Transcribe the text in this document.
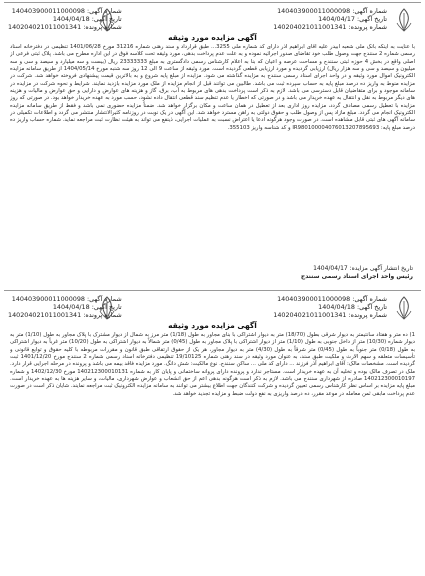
شماره آگهی: 140403900011000098
تاریخ آگهی: 1404/04/17
شماره پرونده: 140204021011001341
شماره آگهی: 140403900011000098
تاریخ آگهی: 1404/04/18
شماره پرونده: 140204021011001341
آگهی مزایده مورد وثیقه

با عنایت به اینکه بانک ملی شعبه آبیدر علیه آقای ابراهیم آذر دارای کد شماره ملی 3255... طبق قرارداد و سند رهنی شماره 31216 مورخ 1401/06/28 تنظیمی در دفترخانه اسناد رسمی شماره 2 سنندج جهت وصول طلب خود تقاضای صدور اجرائیه نموده و به علت عدم پرداخت بدهی، مورد وثیقه تحت کلاسه فوق در این اداره مطرح می باشد. پلاک ثبتی فرعی از اصلی واقع در بخش 4 حوزه ثبتی سنندج و مساحت عرصه و اعیان که بنا به اعلام کارشناس رسمی دادگستری به مبلغ 23333333 ریال (بیست و سه میلیارد و سیصد و سی و سه میلیون و سیصد و سی و سه هزار ریال) ارزیابی گردیده و مورد ارزیابی قطعی گردیده است. مورد وثیقه از ساعت 9 الی 12 روز سه شنبه مورخ 1404/05/14 از طریق سامانه مزایده الکترونیک اموال مورد وثیقه و در واحد اجرای اسناد رسمی سنندج به مزایده گذاشته می شود. مزایده از مبلغ پایه شروع و به بالاترین قیمت پیشنهادی فروخته خواهد شد. شرکت در مزایده منوط به واریز ده درصد مبلغ پایه به حساب سپرده ثبت می باشد. طالبین می توانند قبل از انجام مزایده از ملک مورد مزایده بازدید نمایند. شرایط و نحوه شرکت در مزایده در سامانه موجود و برای متقاضیان قابل دسترسی می باشد. لازم به ذکر است پرداخت بدهی های مربوط به آب، برق، گاز و هزینه های عوارض و دارایی و حق عوارض و مالیات و هزینه های دیگر مربوط به نقل و انتقال به عهده خریدار می باشد و در صورتی که اخطار یا عدم تنظیم سند قطعی انتقال داده نشود، حسب مورد به عهده خریدار خواهد بود. در صورتی که روز مزایده با تعطیل رسمی مصادف گردد، مزایده روز اداری بعد از تعطیل در همان ساعت و مکان برگزار خواهد شد. ضمناً مزایده حضوری نمی باشد و فقط از طریق سامانه مزایده الکترونیک انجام می گردد. مبلغ مازاد پس از وصول طلب و حقوق دولتی به راهن مسترد خواهد شد. این آگهی در یک نوبت در روزنامه کثیرالانتشار منتشر می گردد و اطلاعات تکمیلی در سامانه آگهی های ثبتی قابل مشاهده است. در صورت وجود هرگونه ادعا یا اعتراض نسبت به عملیات اجرایی، ذینفع می تواند به هیئت نظارت ثبت مراجعه نماید. شماره حساب واریز ده درصد مبلغ پایه: IR980100004076013207895693 و کد شناسه واریز 355103.

تاریخ انتشار آگهی مزایده: 1404/04/17
رئیس واحد اجرای اسناد رسمی سنندج
شماره آگهی: 140403900011000098
تاریخ آگهی: 1404/04/18
شماره پرونده: 140204021011001341
شماره آگهی: 140403900011000098
تاریخ آگهی: 1404/04/18
شماره پرونده: 140204021011001341
آگهی مزایده مورد وثیقه

1) ده متر و هفتاد سانتیمتر به دیوار شرقی بطول (18/70) متر به دیوار اشتراکی با بنای مجاور به طول (1/18) متر مرز به شمال از دیوار مشترک با پلاک مجاور به طول (1/10) متر به دیوار شماره (10/30) متر از داخل جنوبی به طول (1/10) متر از دیوار اشتراکی با پلاک مجاور به طول (0/45) متر شمالاً به دیوار اشتراکی به طول (10/20) متر غرباً به دیوار اشتراکی به طول (0/18) متر جنوباً به طول (0/45) متر شرقاً به طول (4/30) متر به دیوار مجاور، هر یک از حقوق ارتفاقی طبق قانون و مقررات مربوطه با کلیه حقوق و توابع قانونی و تأسیسات متعلقه و سهم الارث و ملکیت طبق سند، به عنوان مورد وثیقه در سند رهنی شماره 19/10125 تنظیمی دفترخانه اسناد رسمی شماره 2 سنندج مورخ 1401/12/20 ثبت گردیده است. مشخصات مالک: آقای ابراهیم آذر فرزند ... دارای کد ملی ... ساکن سنندج. نوع مالکیت: شش دانگ. مورد مزایده فاقد بیمه می باشد و پرونده در مرحله اجرایی قرار دارد. ملک در تصرف مالک بوده و تخلیه آن به عهده خریدار است. مستاجر ندارد و پرونده دارای پروانه ساختمانی و پایان کار به شماره 140212300010131 مورخ 1402/12/30 و شماره 140212300010197 صادره از شهرداری سنندج می باشد. لازم به ذکر است هرگونه بدهی اعم از حق انشعاب و عوارض شهرداری، مالیات، و سایر هزینه ها به عهده خریدار است. مبلغ پایه مزایده بر اساس نظر کارشناس رسمی تعیین گردیده و شرکت کنندگان جهت اطلاع بیشتر می توانند به سامانه مزایده الکترونیک ثبت مراجعه نمایند. شایان ذکر است در صورت عدم پرداخت مابقی ثمن معامله در موعد مقرر، ده درصد واریزی به نفع دولت ضبط و مزایده تجدید خواهد شد.
